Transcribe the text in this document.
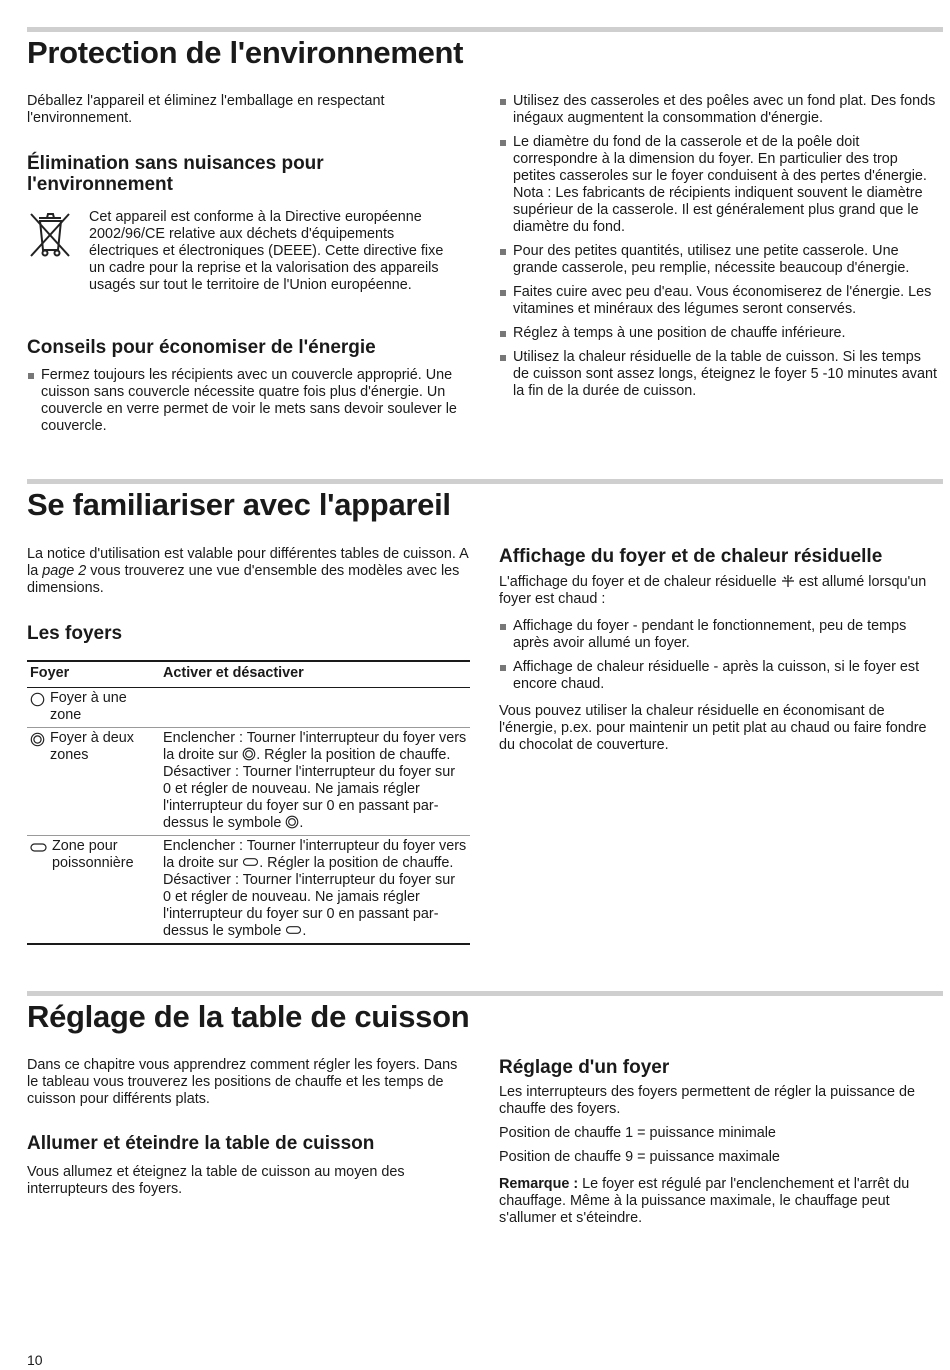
Protection de l'environnement

Déballez l'appareil et éliminez l'emballage en respectant l'environnement.

Élimination sans nuisances pour l'environnement

Cet appareil est conforme à la Directive européenne 2002/96/CE relative aux déchets d'équipements électriques et électroniques (DEEE). Cette directive fixe un cadre pour la reprise et la valorisation des appareils usagés sur tout le territoire de l'Union européenne.

Conseils pour économiser de l'énergie
Fermez toujours les récipients avec un couvercle approprié. Une cuisson sans couvercle nécessite quatre fois plus d'énergie. Un couvercle en verre permet de voir le mets sans devoir soulever le couvercle.
Utilisez des casseroles et des poêles avec un fond plat. Des fonds inégaux augmentent la consommation d'énergie.
Le diamètre du fond de la casserole et de la poêle doit correspondre à la dimension du foyer. En particulier des trop petites casseroles sur le foyer conduisent à des pertes d'énergie. Nota : Les fabricants de récipients indiquent souvent le diamètre supérieur de la casserole. Il est généralement plus grand que le diamètre du fond.
Pour des petites quantités, utilisez une petite casserole. Une grande casserole, peu remplie, nécessite beaucoup d'énergie.
Faites cuire avec peu d'eau. Vous économiserez de l'énergie. Les vitamines et minéraux des légumes seront conservés.
Réglez à temps à une position de chauffe inférieure.
Utilisez la chaleur résiduelle de la table de cuisson. Si les temps de cuisson sont assez longs, éteignez le foyer 5 -10 minutes avant la fin de la durée de cuisson.
Se familiariser avec l'appareil

La notice d'utilisation est valable pour différentes tables de cuisson. A la page 2 vous trouverez une vue d'ensemble des modèles avec les dimensions.

Les foyers
Foyer	Activer et désactiver

Foyer à une zone	

Foyer à deux zones	Enclencher : Tourner l'interrupteur du foyer vers la droite sur . Régler la position de chauffe. Désactiver : Tourner l'interrupteur du foyer sur 0 et régler de nouveau. Ne jamais régler l'interrupteur du foyer sur 0 en passant par-dessus le symbole .

Zone pour poissonnière	Enclencher : Tourner l'interrupteur du foyer vers la droite sur . Régler la position de chauffe. Désactiver : Tourner l'interrupteur du foyer sur 0 et régler de nouveau. Ne jamais régler l'interrupteur du foyer sur 0 en passant par-dessus le symbole .
Affichage du foyer et de chaleur résiduelle

L'affichage du foyer et de chaleur résiduelle est allumé lorsqu'un foyer est chaud :

Affichage du foyer - pendant le fonctionnement, peu de temps après avoir allumé un foyer.
Affichage de chaleur résiduelle - après la cuisson, si le foyer est encore chaud.

Vous pouvez utiliser la chaleur résiduelle en économisant de l'énergie, p.ex. pour maintenir un petit plat au chaud ou faire fondre du chocolat de couverture.

Réglage de la table de cuisson

Dans ce chapitre vous apprendrez comment régler les foyers. Dans le tableau vous trouverez les positions de chauffe et les temps de cuisson pour différents plats.

Allumer et éteindre la table de cuisson

Vous allumez et éteignez la table de cuisson au moyen des interrupteurs des foyers.

Réglage d'un foyer

Les interrupteurs des foyers permettent de régler la puissance de chauffe des foyers.

Position de chauffe 1 = puissance minimale

Position de chauffe 9 = puissance maximale

Remarque : Le foyer est régulé par l'enclenchement et l'arrêt du chauffage. Même à la puissance maximale, le chauffage peut s'allumer et s'éteindre.

10
